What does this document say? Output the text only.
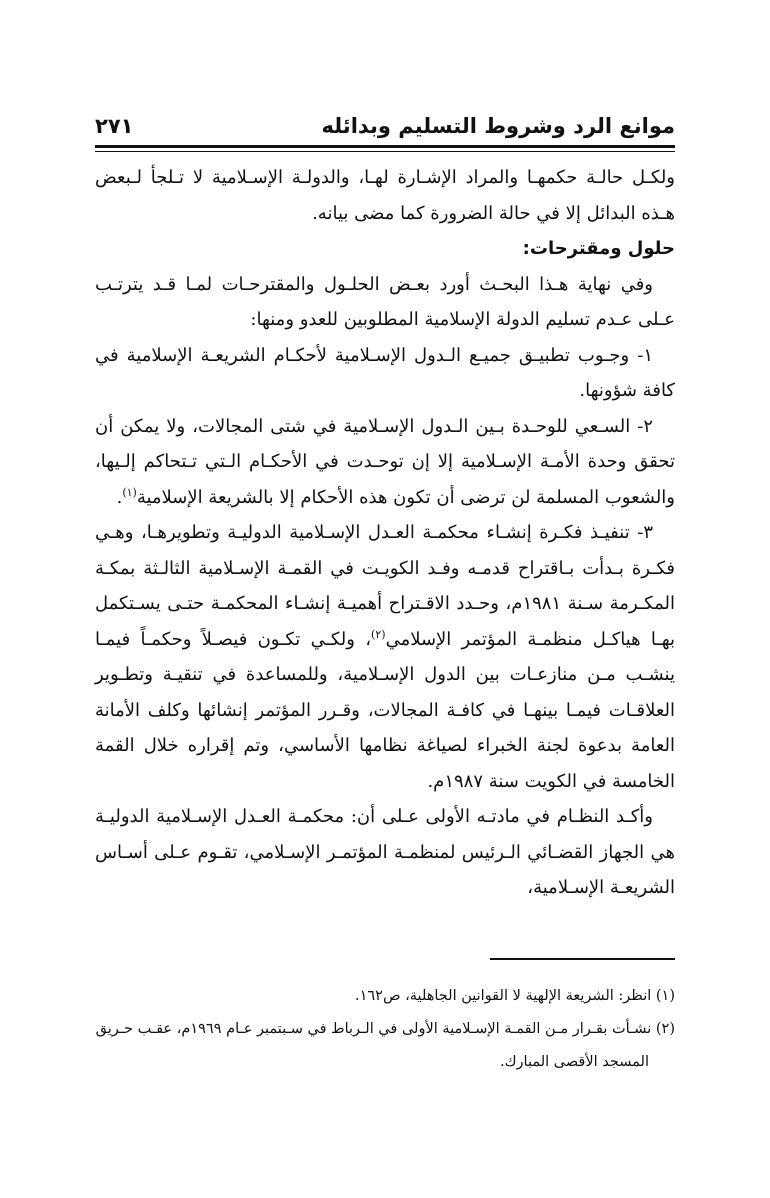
موانع الرد وشروط التسليم وبدائله
٢٧١

ولكـل حالـة حكمهـا والمراد الإشـارة لهـا، والدولـة الإسـلامية لا تـلجأ لـبعض هـذه البدائل إلا في حالة الضرورة كما مضى بيانه.

حلول ومقترحات:

وفي نهاية هـذا البحـث أورد بعـض الحلـول والمقترحـات لمـا قـد يترتـب عـلى عـدم تسليم الدولة الإسلامية المطلوبين للعدو ومنها:

١- وجـوب تطبيـق جميـع الـدول الإسـلامية لأحكـام الشريعـة الإسلامية في كافة شؤونها.

٢- السـعي للوحـدة بـين الـدول الإسـلامية في شتى المجالات، ولا يمكن أن تحقق وحدة الأمـة الإسـلامية إلا إن توحـدت في الأحكـام الـتي تـتحاكم إلـيها، والشعوب المسلمة لن ترضى أن تكون هذه الأحكام إلا بالشريعة الإسلامية$^{(١)}$.

٣- تنفيـذ فكـرة إنشـاء محكمـة العـدل الإسـلامية الدوليـة وتطويرهـا، وهـي فكـرة بـدأت بـاقتراح قدمـه وفـد الكويـت في القمـة الإسـلامية الثالـثة بمكـة المكـرمة سـنة ١٩٨١م، وحـدد الاقـتراح أهميـة إنشـاء المحكمـة حتـى يسـتكمل بهـا هياكـل منظمـة المؤتمر الإسلامي$^{(٢)}$، ولكـي تكـون فيصـلاً وحكمـاً فيمـا ينشـب مـن منازعـات بين الدول الإسـلامية، وللمساعدة في تنقيـة وتطـوير العلاقـات فيمـا بينهـا في كافـة المجالات، وقـرر المؤتمر إنشائها وكلف الأمانة العامة بدعوة لجنة الخبراء لصياغة نظامها الأساسي، وتم إقراره خلال القمة الخامسة في الكويت سنة ١٩٨٧م.

وأكـد النظـام في مادتـه الأولى عـلى أن: محكمـة العـدل الإسـلامية الدوليـة هي الجهاز القضـائي الـرئيس لمنظمـة المؤتمـر الإسـلامي، تقـوم عـلى أسـاس الشريعـة الإسـلامية،

(١) انظر: الشريعة الإلهية لا القوانين الجاهلية، ص١٦٢.

(٢) نشـأت بقـرار مـن القمـة الإسـلامية الأولى في الـرباط في سـبتمبر عـام ١٩٦٩م، عقـب حـريق

المسجد الأقصى المبارك.
